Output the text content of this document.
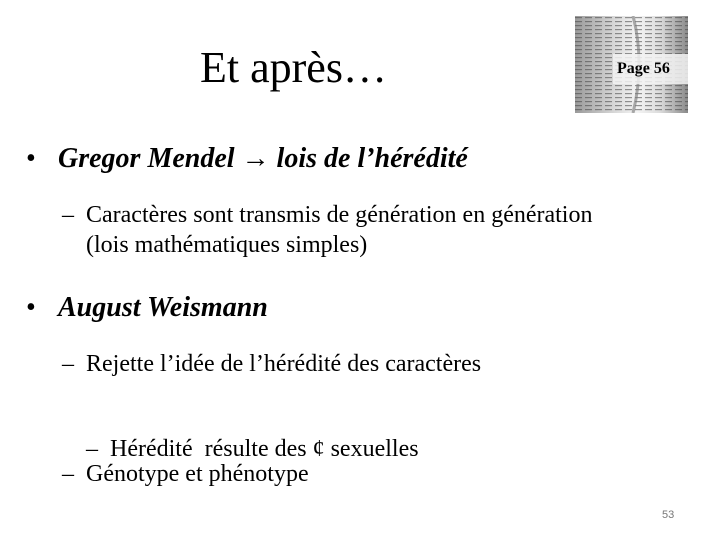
Et après…	Page 56
• Gregor Mendel → lois de l’hérédité
– Caractères sont transmis de génération en génération
(lois mathématiques simples)
• August Weismann
– Rejette l’idée de l’hérédité des caractères

– Hérédité  résulte des ¢ sexuelles

– Génotype et phénotype
53
